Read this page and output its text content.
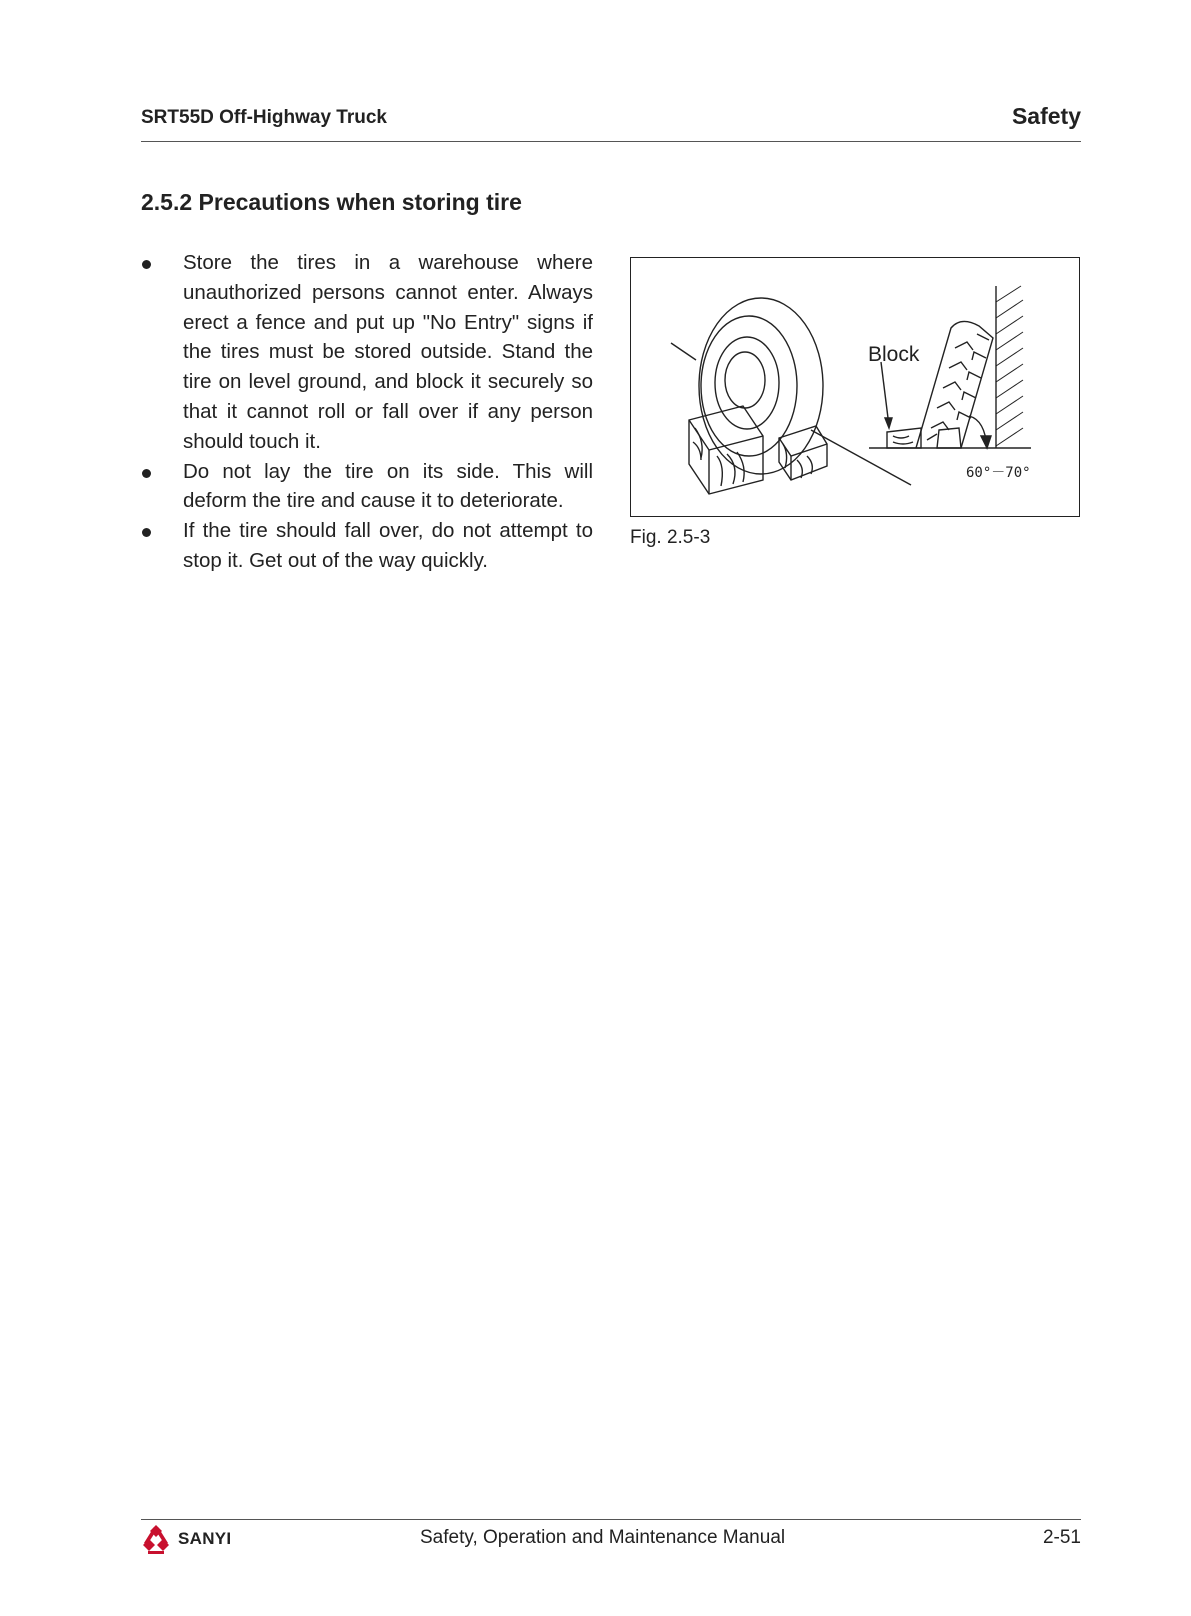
SRT55D Off-Highway Truck	Safety
2.5.2 Precautions when storing tire
Store the tires in a warehouse where unauthorized persons cannot enter. Always erect a fence and put up "No Entry" signs if the tires must be stored outside. Stand the tire on level ground, and block it securely so that it cannot roll or fall over if any person should touch it.
Do not lay the tire on its side. This will deform the tire and cause it to deteriorate.
If the tire should fall over, do not attempt to stop it. Get out of the way quickly.
Block
60°－70°
Fig. 2.5-3
SANYI	Safety, Operation and Maintenance Manual	2-51
